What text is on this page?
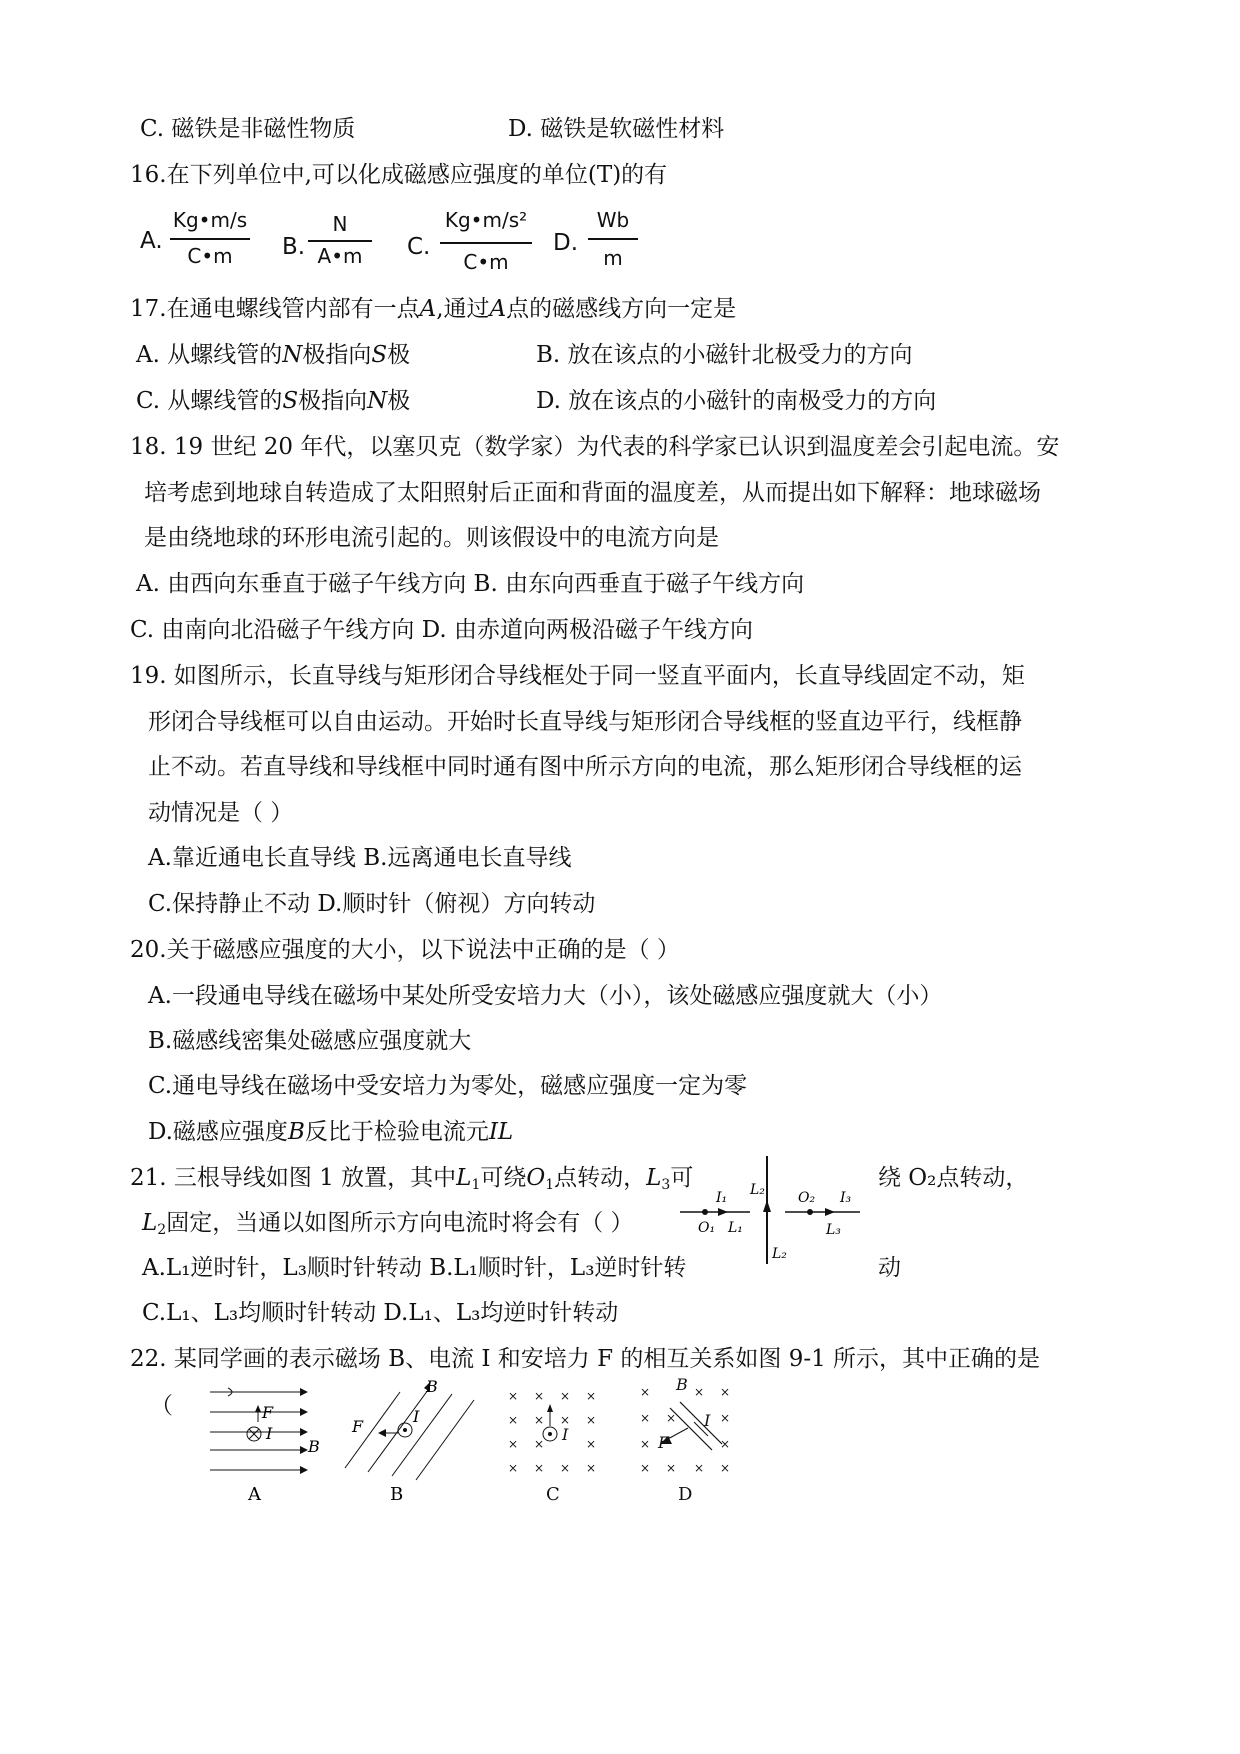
C. 磁铁是非磁性物质	D. 磁铁是软磁性材料
16.在下列单位中,可以化成磁感应强度的单位(T)的有
A.
Kg•m/s
C•m	B.
N
A•m	C.
Kg•m/s²
C•m
D.
Wb
m
17.在通电螺线管内部有一点A,通过A点的磁感线方向一定是
A. 从螺线管的N极指向S极	B. 放在该点的小磁针北极受力的方向
C. 从螺线管的S极指向N极	D. 放在该点的小磁针的南极受力的方向
18. 19 世纪 20 年代，以塞贝克（数学家）为代表的科学家已认识到温度差会引起电流。安
培考虑到地球自转造成了太阳照射后正面和背面的温度差，从而提出如下解释：地球磁场
是由绕地球的环形电流引起的。则该假设中的电流方向是
A. 由西向东垂直于磁子午线方向 B. 由东向西垂直于磁子午线方向
C. 由南向北沿磁子午线方向 D. 由赤道向两极沿磁子午线方向
19. 如图所示，长直导线与矩形闭合导线框处于同一竖直平面内，长直导线固定不动，矩
形闭合导线框可以自由运动。开始时长直导线与矩形闭合导线框的竖直边平行，线框静
止不动。若直导线和导线框中同时通有图中所示方向的电流，那么矩形闭合导线框的运
动情况是（ ）
A.靠近通电长直导线 B.远离通电长直导线
C.保持静止不动 D.顺时针（俯视）方向转动
20.关于磁感应强度的大小，以下说法中正确的是（ ）
A.一段通电导线在磁场中某处所受安培力大（小），该处磁感应强度就大（小）
B.磁感线密集处磁感应强度就大
C.通电导线在磁场中受安培力为零处，磁感应强度一定为零
D.磁感应强度B反比于检验电流元IL
21. 三根导线如图 1 放置，其中$L_1$可绕$O_1$点转动，$L_3$可	绕 O₂点转动，
$L_2$固定，当通以如图所示方向电流时将会有（ ）
A.L₁逆时针，L₃顺时针转动 B.L₁顺时针，L₃逆时针转	动
C.L₁、L₃均顺时针转动 D.L₁、L₃均逆时针转动
I₁
O₁ L₁
L₂
L₂
O₂ I₃
L₃
22. 某同学画的表示磁场 B、电流 I 和安培力 F 的相互关系如图 9-1 所示，其中正确的是
（	F
I
B
A
F
I
B
B
× × × ×
× × × ×
× ×	×
× × × ×
I
C
×	× ×
× ×	×
×	×
× × × ×
B
I
F
D
